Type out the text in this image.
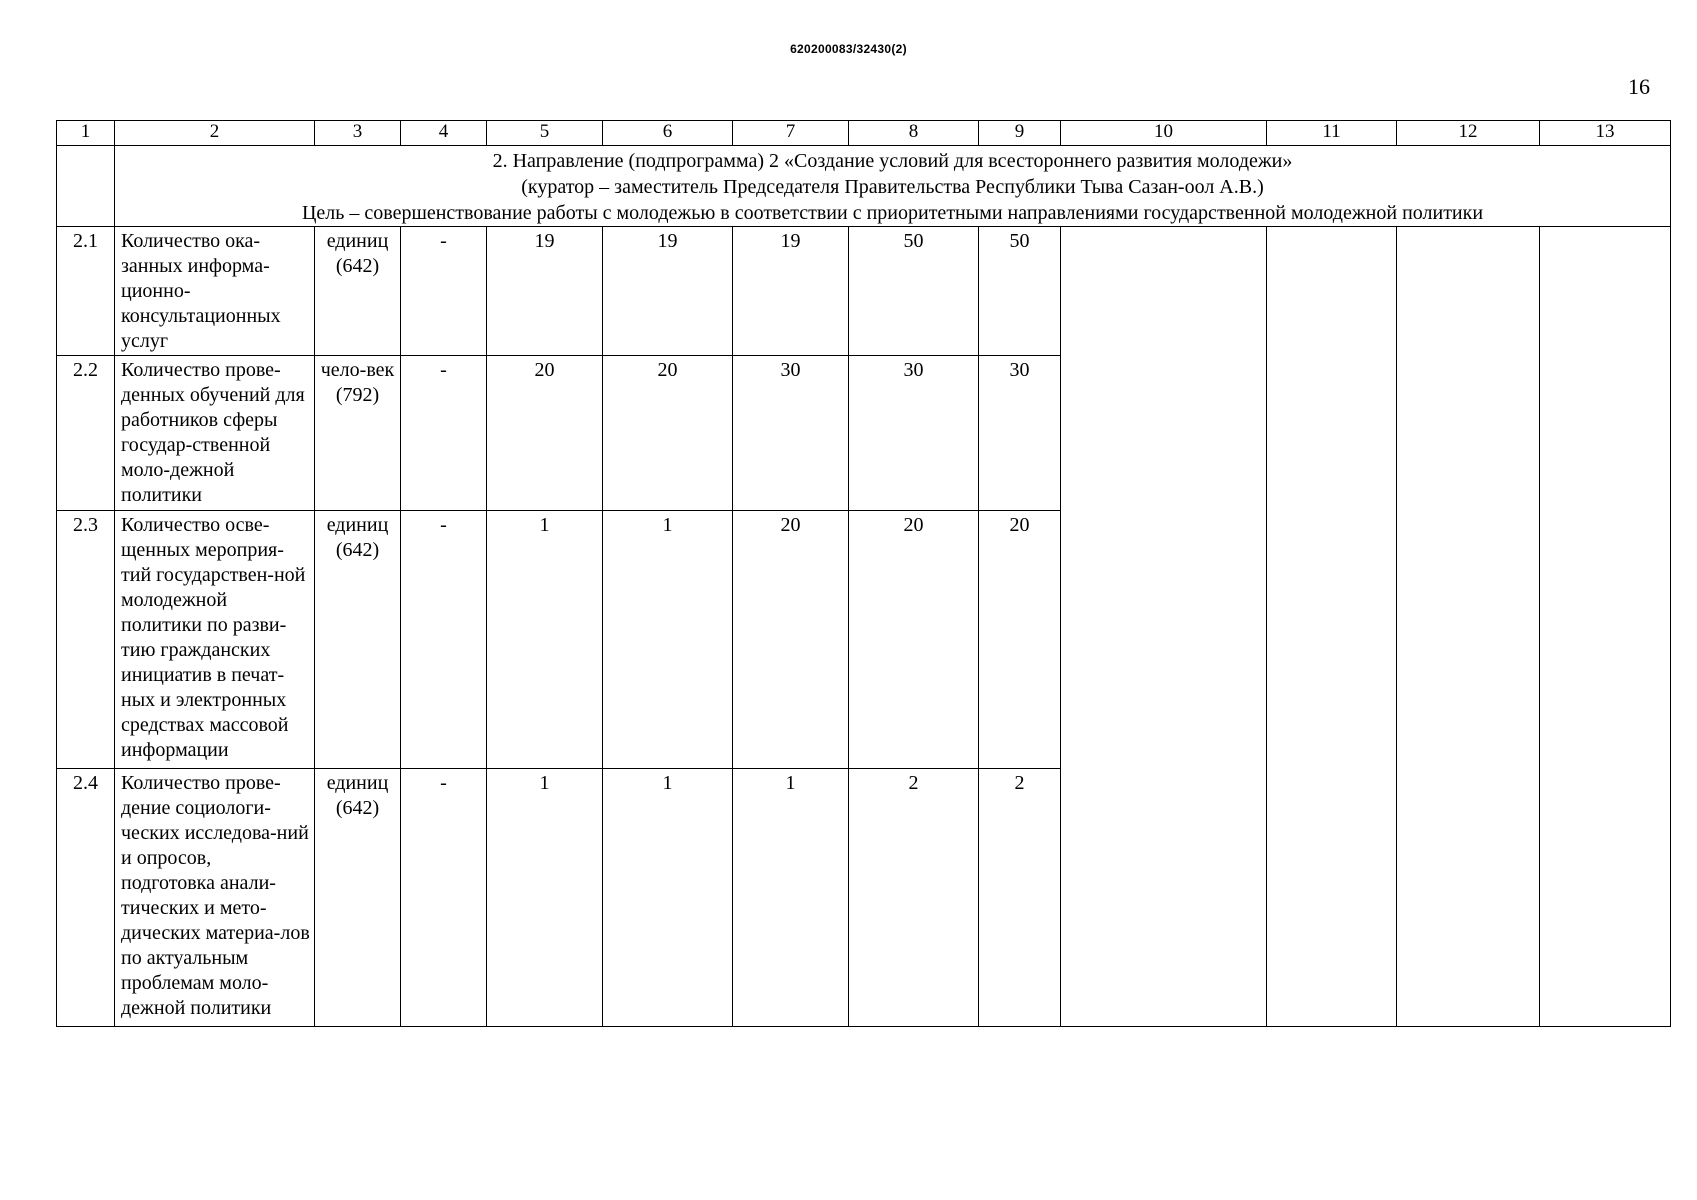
620200083/32430(2)
16
1	2	3	4	5	6	7	8	9	10	11	12	13

	2. Направление (подпрограмма) 2 «Создание условий для всестороннего развития молодежи»
(куратор – заместитель Председателя Правительства Республики Тыва Сазан-оол А.В.)
Цель – совершенствование работы с молодежью в соответствии с приоритетными направлениями государственной молодежной политики											

2.1	Количество ока-занных информа-ционно-консультационных услуг	единиц (642)	-	19	19	19	50	50				
2.2	Количество прове-денных обучений для работников сферы государ-ственной моло-дежной политики	чело-век (792)	-	20	20	30	30	30				
2.3	Количество осве-щенных мероприя-тий государствен-ной молодежной политики по разви-тию гражданских инициатив в печат-ных и электронных средствах массовой информации	единиц (642)	-	1	1	20	20	20				
2.4	Количество прове-дение социологи-ческих исследова-ний и опросов, подготовка анали-тических и мето-дических материа-лов по актуальным проблемам моло-дежной политики	единиц (642)	-	1	1	1	2	2				
